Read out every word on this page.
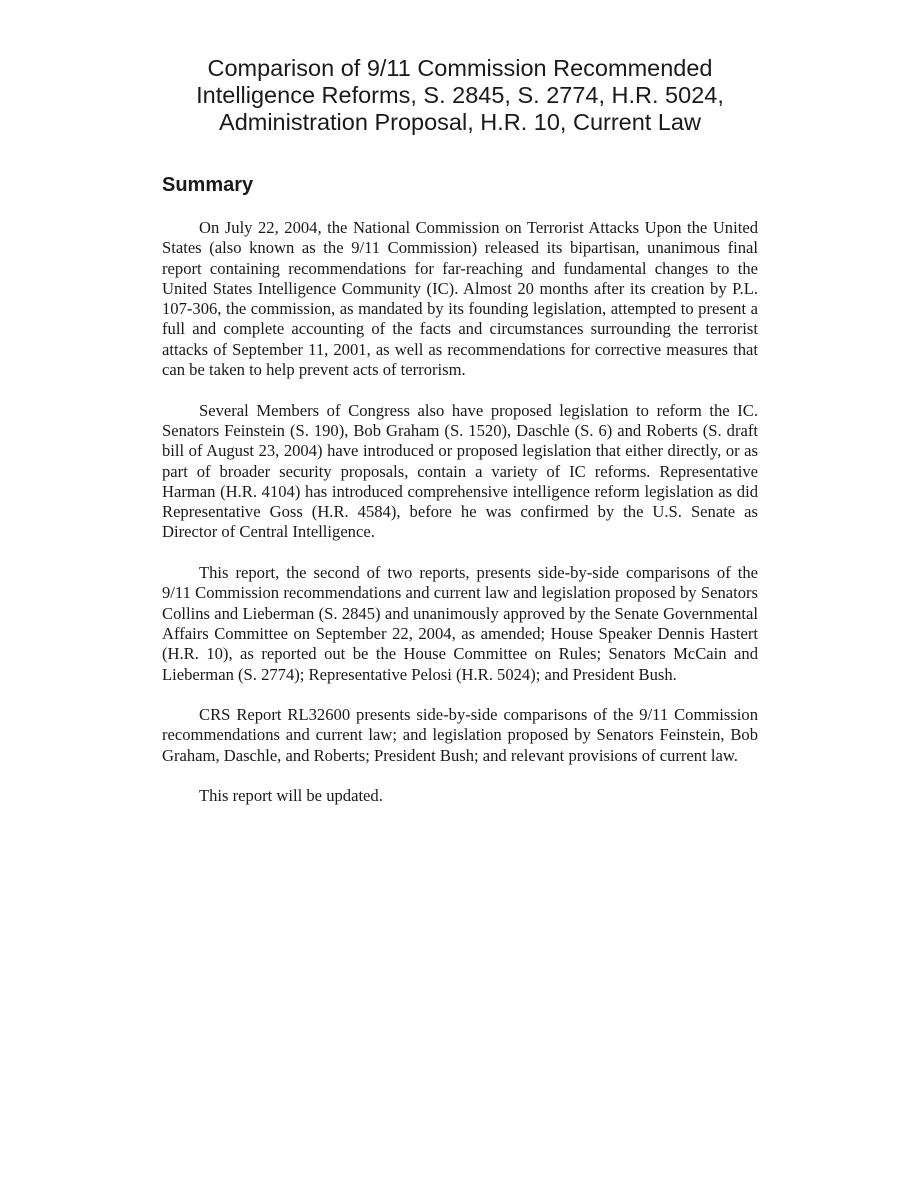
Comparison of 9/11 Commission Recommended
Intelligence Reforms, S. 2845, S. 2774, H.R. 5024,
Administration Proposal, H.R. 10, Current Law
Summary

On July 22, 2004, the National Commission on Terrorist Attacks Upon the United States (also known as the 9/11 Commission) released its bipartisan, unanimous final report containing recommendations for far-reaching and fundamental changes to the United States Intelligence Community (IC). Almost 20 months after its creation by P.L. 107-306, the commission, as mandated by its founding legislation, attempted to present a full and complete accounting of the facts and circumstances surrounding the terrorist attacks of September 11, 2001, as well as recommendations for corrective measures that can be taken to help prevent acts of terrorism.

Several Members of Congress also have proposed legislation to reform the IC. Senators Feinstein (S. 190), Bob Graham (S. 1520), Daschle (S. 6) and Roberts (S. draft bill of August 23, 2004) have introduced or proposed legislation that either directly, or as part of broader security proposals, contain a variety of IC reforms. Representative Harman (H.R. 4104) has introduced comprehensive intelligence reform legislation as did Representative Goss (H.R. 4584), before he was confirmed by the U.S. Senate as Director of Central Intelligence.

This report, the second of two reports, presents side-by-side comparisons of the 9/11 Commission recommendations and current law and legislation proposed by Senators Collins and Lieberman (S. 2845) and unanimously approved by the Senate Governmental Affairs Committee on September 22, 2004, as amended; House Speaker Dennis Hastert (H.R. 10), as reported out be the House Committee on Rules; Senators McCain and Lieberman (S. 2774); Representative Pelosi (H.R. 5024); and President Bush.

CRS Report RL32600 presents side-by-side comparisons of the 9/11 Commission recommendations and current law; and legislation proposed by Senators Feinstein, Bob Graham, Daschle, and Roberts; President Bush; and relevant provisions of current law.

This report will be updated.
